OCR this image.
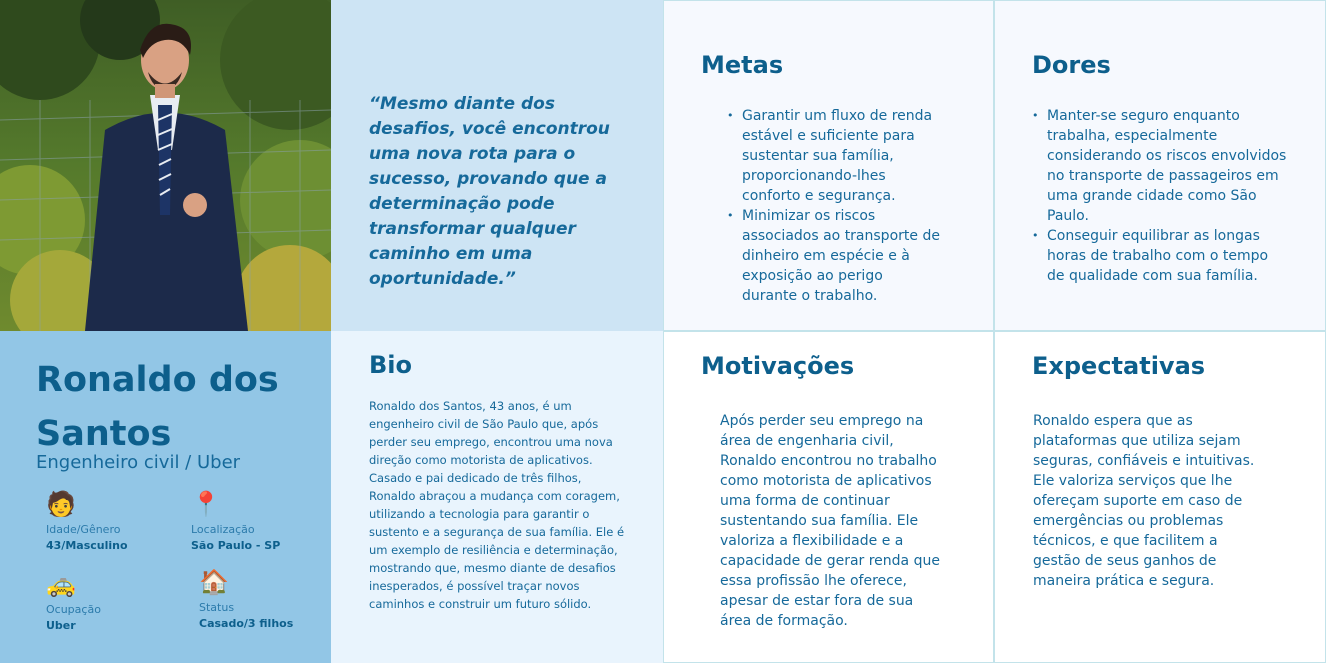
“Mesmo diante dos desafios, você encontrou uma nova rota para o sucesso, provando que a determinação pode transformar qualquer caminho em uma oportunidade.”

Metas
• Garantir um fluxo de renda estável e suficiente para sustentar sua família, proporcionando-lhes conforto e segurança.
• Minimizar os riscos associados ao transporte de dinheiro em espécie e à exposição ao perigo durante o trabalho.
Dores
• Manter-se seguro enquanto trabalha, especialmente considerando os riscos envolvidos no transporte de passageiros em uma grande cidade como São Paulo.
• Conseguir equilibrar as longas horas de trabalho com o tempo de qualidade com sua família.
Ronaldo dos Santos
Engenheiro civil / Uber
🧑
Idade/Gênero
43/Masculino
📍
Localização
São Paulo - SP
🚕
Ocupação
Uber
🏠
Status
Casado/3 filhos
Bio

Ronaldo dos Santos, 43 anos, é um engenheiro civil de São Paulo que, após perder seu emprego, encontrou uma nova direção como motorista de aplicativos. Casado e pai dedicado de três filhos, Ronaldo abraçou a mudança com coragem, utilizando a tecnologia para garantir o sustento e a segurança de sua família. Ele é um exemplo de resiliência e determinação, mostrando que, mesmo diante de desafios inesperados, é possível traçar novos caminhos e construir um futuro sólido.

Motivações

Após perder seu emprego na área de engenharia civil, Ronaldo encontrou no trabalho como motorista de aplicativos uma forma de continuar sustentando sua família. Ele valoriza a flexibilidade e a capacidade de gerar renda que essa profissão lhe oferece, apesar de estar fora de sua área de formação.

Expectativas

Ronaldo espera que as plataformas que utiliza sejam seguras, confiáveis e intuitivas. Ele valoriza serviços que lhe ofereçam suporte em caso de emergências ou problemas técnicos, e que facilitem a gestão de seus ganhos de maneira prática e segura.
